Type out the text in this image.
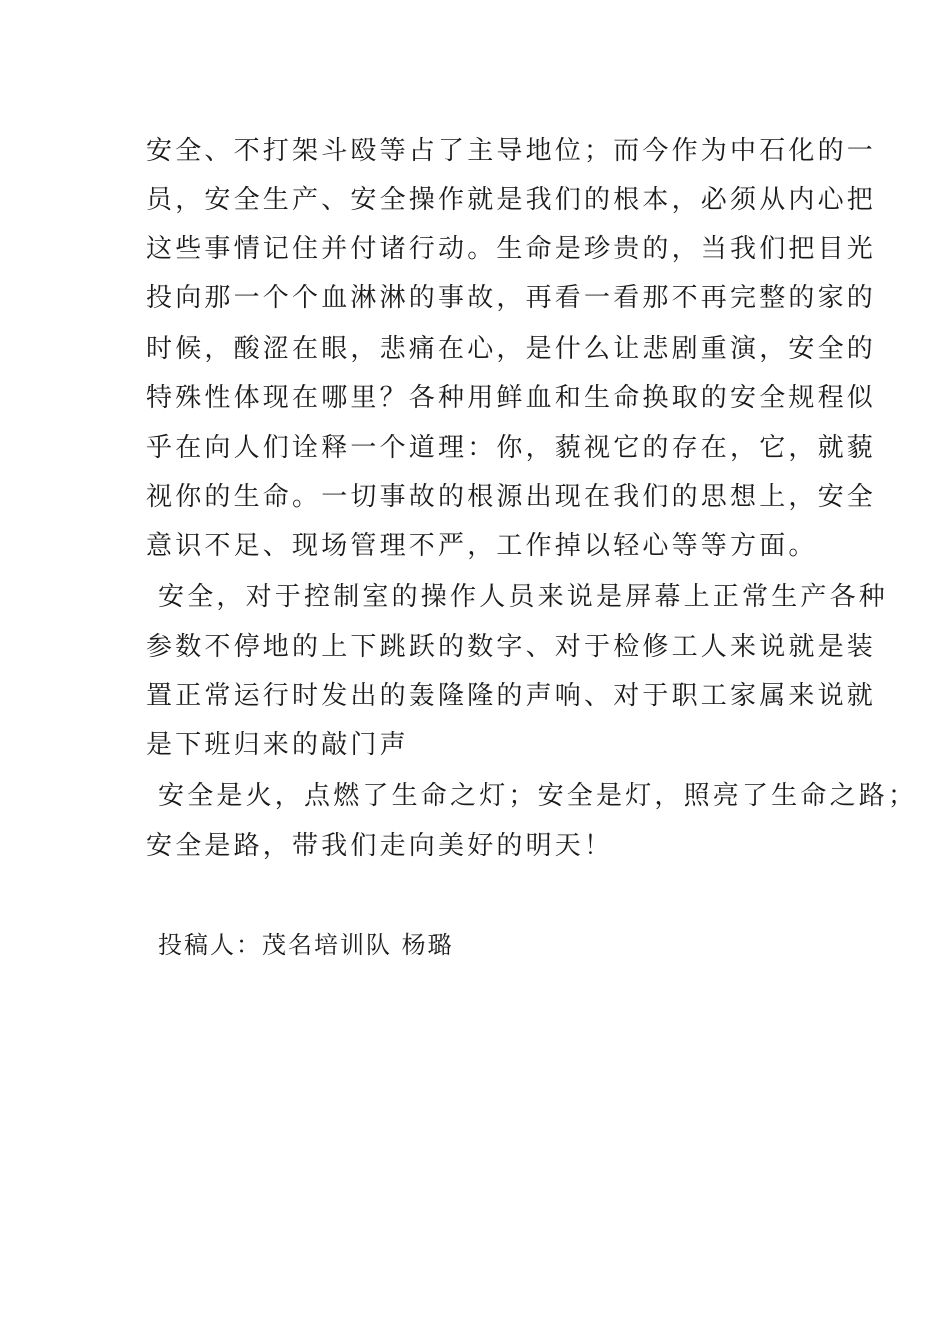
安全、不打架斗殴等占了主导地位；而今作为中石化的一
员，安全生产、安全操作就是我们的根本，必须从内心把
这些事情记住并付诸行动。生命是珍贵的，当我们把目光
投向那一个个血淋淋的事故，再看一看那不再完整的家的
时候，酸涩在眼，悲痛在心，是什么让悲剧重演，安全的
特殊性体现在哪里？各种用鲜血和生命换取的安全规程似
乎在向人们诠释一个道理：你，藐视它的存在，它，就藐
视你的生命。一切事故的根源出现在我们的思想上，安全
意识不足、现场管理不严，工作掉以轻心等等方面。
安全，对于控制室的操作人员来说是屏幕上正常生产各种
参数不停地的上下跳跃的数字、对于检修工人来说就是装
置正常运行时发出的轰隆隆的声响、对于职工家属来说就
是下班归来的敲门声
安全是火，点燃了生命之灯；安全是灯，照亮了生命之路；
安全是路，带我们走向美好的明天！
投稿人：茂名培训队 杨璐
